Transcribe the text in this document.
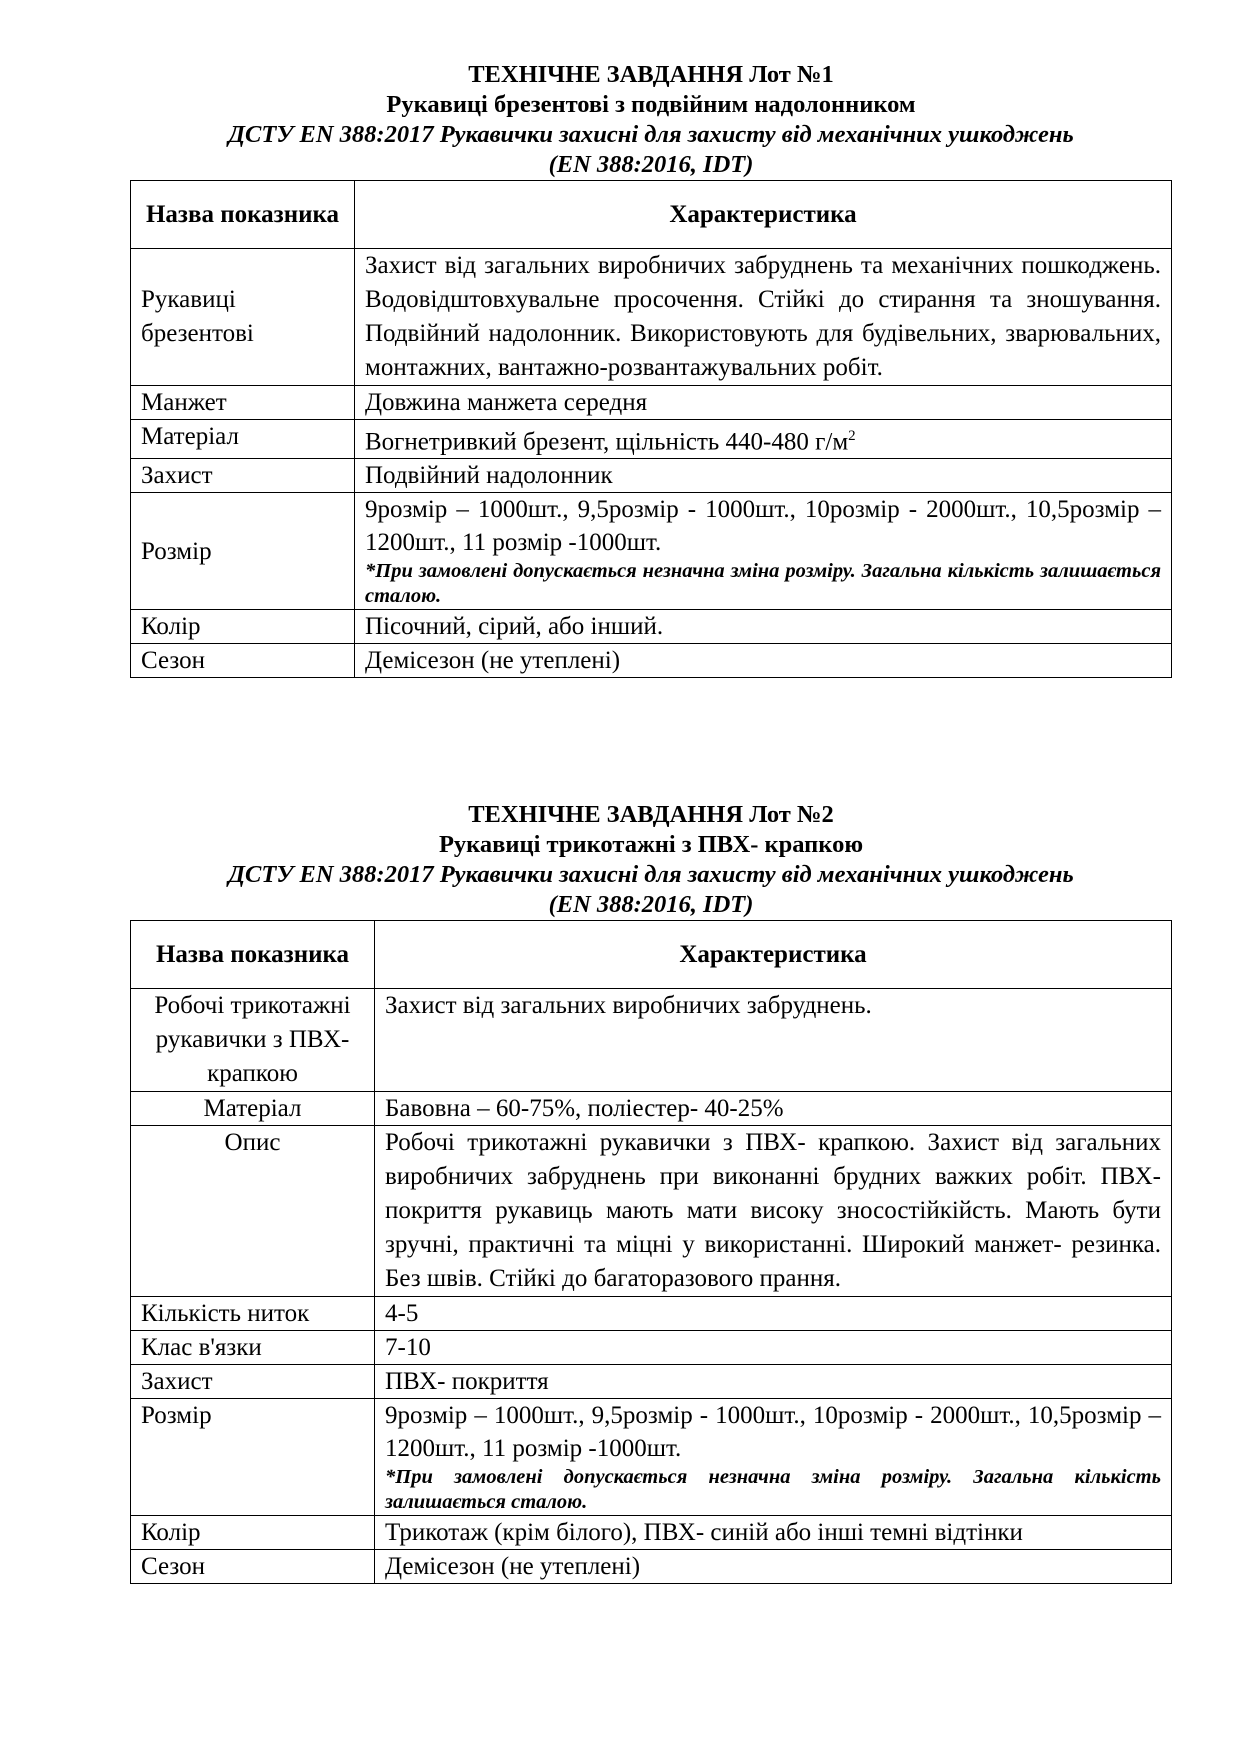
ТЕХНІЧНЕ ЗАВДАННЯ Лот №1
Рукавиці брезентові з подвійним надолонником
ДСТУ EN 388:2017 Рукавички захисні для захисту від механічних ушкоджень
(EN 388:2016, IDT)
Назва показника	Характеристика
Рукавиці брезентові	Захист від загальних виробничих забруднень та механічних пошкоджень. Водовідштовхувальне просочення. Стійкі до стирання та зношування. Подвійний надолонник. Використовують для будівельних, зварювальних, монтажних, вантажно-розвантажувальних робіт.
Манжет	Довжина манжета середня
Матеріал	Вогнетривкий брезент, щільність 440-480 $г/м^2$
Захист	Подвійний надолонник
Розмір	9розмір – 1000шт., 9,5розмір - 1000шт., 10розмір - 2000шт., 10,5розмір – 1200шт., 11 розмір -1000шт.
*При замовлені допускається незначна зміна розміру. Загальна кількість залишається сталою.

Колір	Пісочний, сірий, або інший.
Сезон	Демісезон (не утеплені)
ТЕХНІЧНЕ ЗАВДАННЯ Лот №2
Рукавиці трикотажні з ПВХ- крапкою
ДСТУ EN 388:2017 Рукавички захисні для захисту від механічних ушкоджень
(EN 388:2016, IDT)
Назва показника	Характеристика
Робочі трикотажні рукавички з ПВХ- крапкою	Захист від загальних виробничих забруднень.
Матеріал	Бавовна – 60-75%, поліестер- 40-25%
Опис	Робочі трикотажні рукавички з ПВХ- крапкою. Захист від загальних виробничих забруднень при виконанні брудних важких робіт. ПВХ- покриття рукавиць мають мати високу зносостійкійсть. Мають бути зручні, практичні та міцні у використанні. Широкий манжет- резинка. Без швів. Стійкі до багаторазового прання.
Кількість ниток	4-5
Клас в'язки	7-10
Захист	ПВХ- покриття
Розмір	9розмір – 1000шт., 9,5розмір - 1000шт., 10розмір - 2000шт., 10,5розмір – 1200шт., 11 розмір -1000шт.
*При замовлені допускається незначна зміна розміру. Загальна кількість залишається сталою.

Колір	Трикотаж (крім білого), ПВХ- синій або інші темні відтінки
Сезон	Демісезон (не утеплені)
